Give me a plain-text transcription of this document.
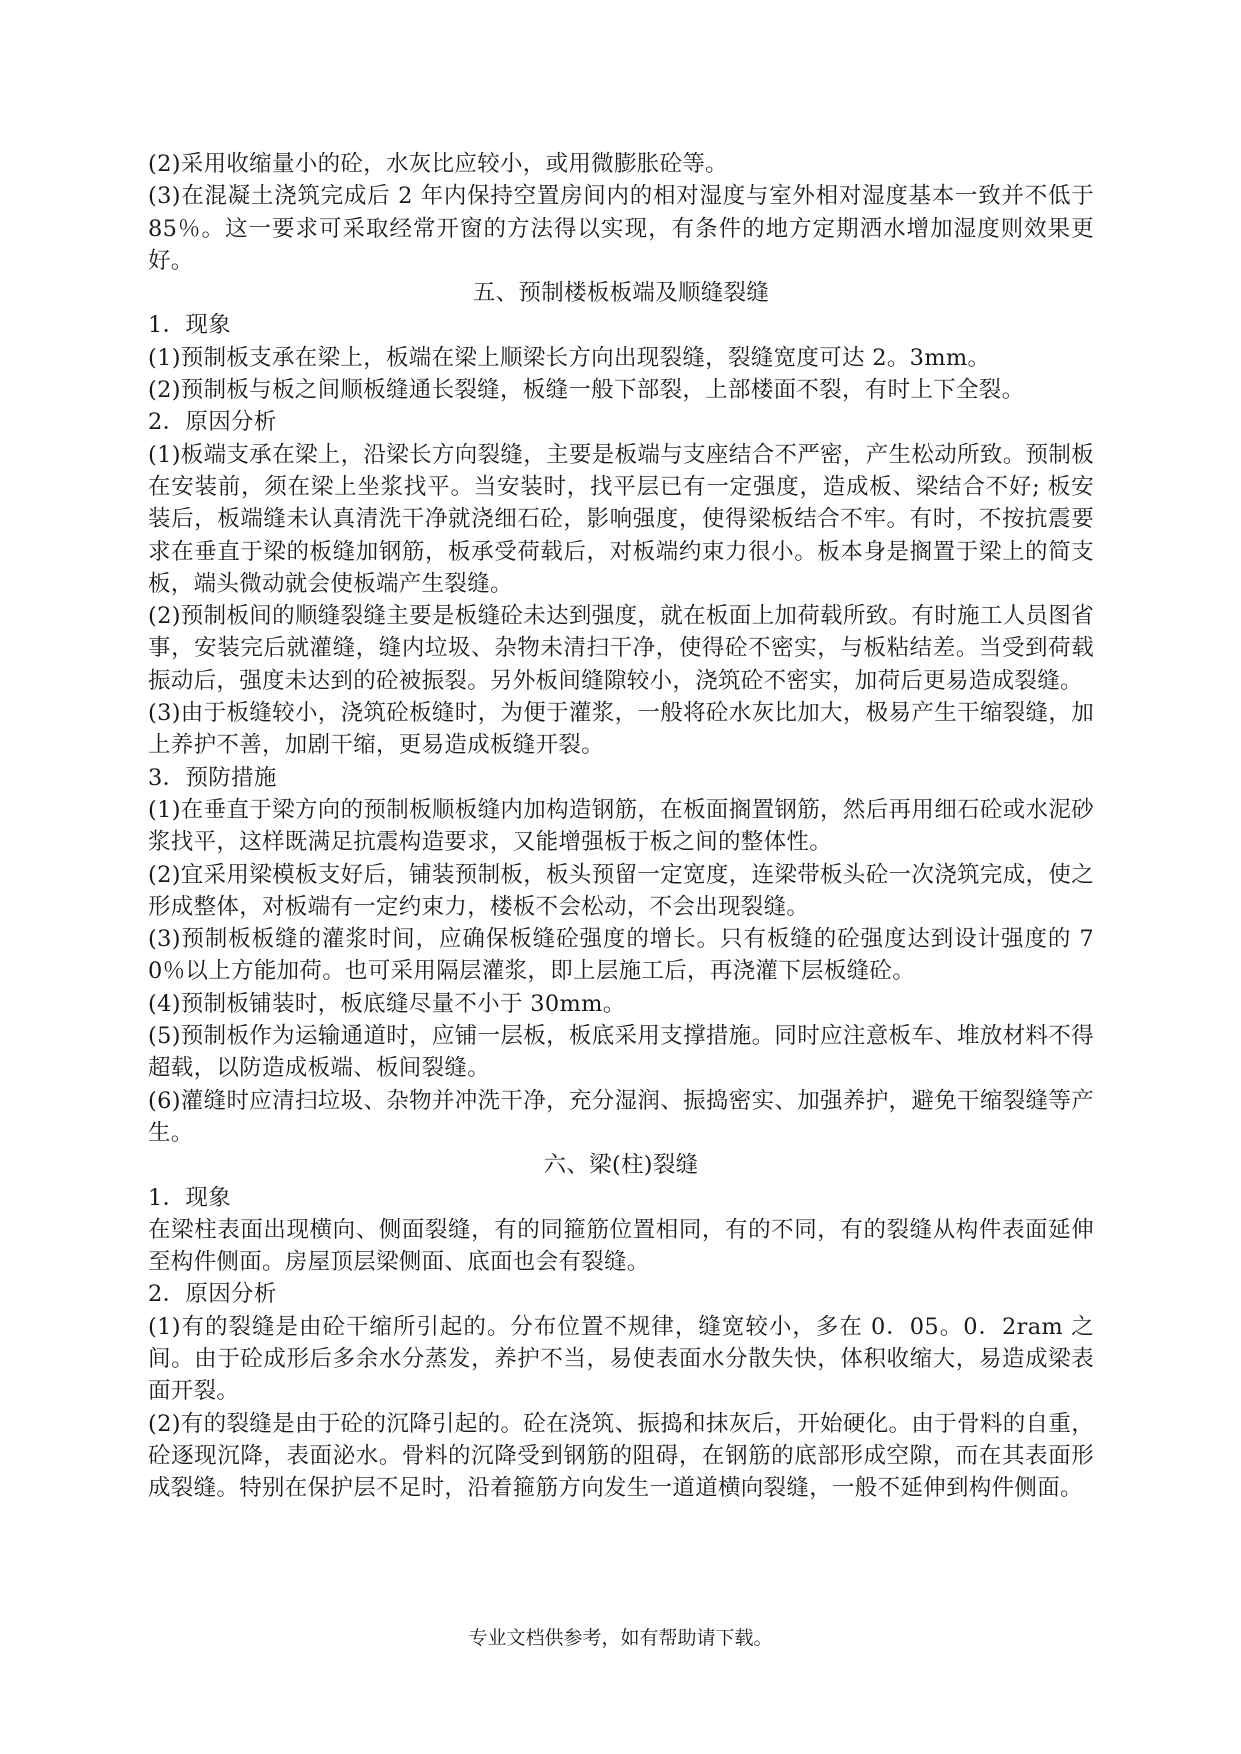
(2)采用收缩量小的砼，水灰比应较小，或用微膨胀砼等。

(3)在混凝土浇筑完成后 2 年内保持空置房间内的相对湿度与室外相对湿度基本一致并不低于 85％。这一要求可采取经常开窗的方法得以实现，有条件的地方定期洒水增加湿度则效果更好。

五、预制楼板板端及顺缝裂缝

1．现象

(1)预制板支承在梁上，板端在梁上顺梁长方向出现裂缝，裂缝宽度可达 2。3mm。

(2)预制板与板之间顺板缝通长裂缝，板缝一般下部裂，上部楼面不裂，有时上下全裂。

2．原因分析

(1)板端支承在梁上，沿梁长方向裂缝，主要是板端与支座结合不严密，产生松动所致。预制板在安装前，须在梁上坐浆找平。当安装时，找平层已有一定强度，造成板、梁结合不好; 板安装后，板端缝未认真清洗干净就浇细石砼，影响强度，使得梁板结合不牢。有时，不按抗震要求在垂直于梁的板缝加钢筋，板承受荷载后，对板端约束力很小。板本身是搁置于梁上的简支板，端头微动就会使板端产生裂缝。

(2)预制板间的顺缝裂缝主要是板缝砼未达到强度，就在板面上加荷载所致。有时施工人员图省事，安装完后就灌缝，缝内垃圾、杂物未清扫干净，使得砼不密实，与板粘结差。当受到荷载振动后，强度未达到的砼被振裂。另外板间缝隙较小，浇筑砼不密实，加荷后更易造成裂缝。

(3)由于板缝较小，浇筑砼板缝时，为便于灌浆，一般将砼水灰比加大，极易产生干缩裂缝，加上养护不善，加剧干缩，更易造成板缝开裂。

3．预防措施

(1)在垂直于梁方向的预制板顺板缝内加构造钢筋，在板面搁置钢筋，然后再用细石砼或水泥砂浆找平，这样既满足抗震构造要求，又能增强板于板之间的整体性。

(2)宜采用梁模板支好后，铺装预制板，板头预留一定宽度，连梁带板头砼一次浇筑完成，使之形成整体，对板端有一定约束力，楼板不会松动，不会出现裂缝。

(3)预制板板缝的灌浆时间，应确保板缝砼强度的增长。只有板缝的砼强度达到设计强度的 70％以上方能加荷。也可采用隔层灌浆，即上层施工后，再浇灌下层板缝砼。

(4)预制板铺装时，板底缝尽量不小于 30mm。

(5)预制板作为运输通道时，应铺一层板，板底采用支撑措施。同时应注意板车、堆放材料不得超载，以防造成板端、板间裂缝。

(6)灌缝时应清扫垃圾、杂物并冲洗干净，充分湿润、振捣密实、加强养护，避免干缩裂缝等产生。

六、梁(柱)裂缝

1．现象

在梁柱表面出现横向、侧面裂缝，有的同箍筋位置相同，有的不同，有的裂缝从构件表面延伸至构件侧面。房屋顶层梁侧面、底面也会有裂缝。

2．原因分析

(1)有的裂缝是由砼干缩所引起的。分布位置不规律，缝宽较小，多在 0．05。0．2ram 之间。由于砼成形后多余水分蒸发，养护不当，易使表面水分散失快，体积收缩大，易造成梁表面开裂。

(2)有的裂缝是由于砼的沉降引起的。砼在浇筑、振捣和抹灰后，开始硬化。由于骨料的自重，砼逐现沉降，表面泌水。骨料的沉降受到钢筋的阻碍，在钢筋的底部形成空隙，而在其表面形成裂缝。特别在保护层不足时，沿着箍筋方向发生一道道横向裂缝，一般不延伸到构件侧面。

专业文档供参考，如有帮助请下载。
